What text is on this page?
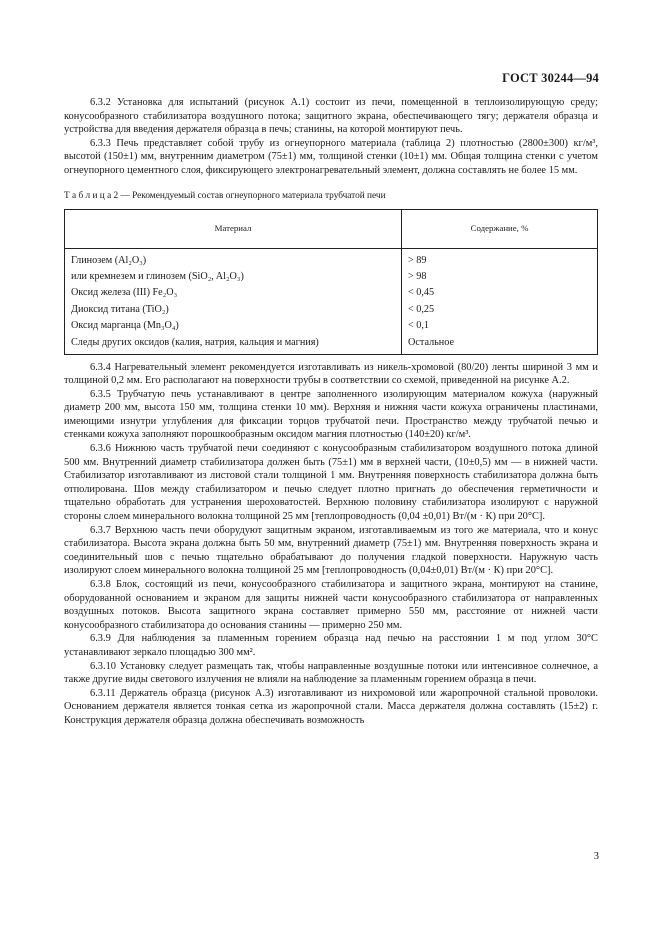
ГОСТ 30244—94

6.3.2 Установка для испытаний (рисунок А.1) состоит из печи, помещенной в теплоизолирующую среду; конусообразного стабилизатора воздушного потока; защитного экрана, обеспечивающего тягу; держателя образца и устройства для введения держателя образца в печь; станины, на которой монтируют печь.

6.3.3 Печь представляет собой трубу из огнеупорного материала (таблица 2) плотностью (2800±300) кг/м³, высотой (150±1) мм, внутренним диаметром (75±1) мм, толщиной стенки (10±1) мм. Общая толщина стенки с учетом огнеупорного цементного слоя, фиксирующего электронагревательный элемент, должна составлять не более 15 мм.

Т а б л и ц а 2 — Рекомендуемый состав огнеупорного материала трубчатой печи
Материал	Содержание, %
Глинозем (Al₂O₃)	> 89
или кремнезем и глинозем (SiO₂, Al₂O₃)	> 98
Оксид железа (III) Fe₂O₃	< 0,45
Диоксид титана (TiO₂)	< 0,25
Оксид марганца (Mn₃O₄)	< 0,1
Следы других оксидов (калия, натрия, кальция и магния)	Остальное

6.3.4 Нагревательный элемент рекомендуется изготавливать из никель-хромовой (80/20) ленты шириной 3 мм и толщиной 0,2 мм. Его располагают на поверхности трубы в соответствии со схемой, приведенной на рисунке А.2.

6.3.5 Трубчатую печь устанавливают в центре заполненного изолирующим материалом кожуха (наружный диаметр 200 мм, высота 150 мм, толщина стенки 10 мм). Верхняя и нижняя части кожуха ограничены пластинами, имеющими изнутри углубления для фиксации торцов трубчатой печи. Пространство между трубчатой печью и стенками кожуха заполняют порошкообразным оксидом магния плотностью (140±20) кг/м³.

6.3.6 Нижнюю часть трубчатой печи соединяют с конусообразным стабилизатором воздушного потока длиной 500 мм. Внутренний диаметр стабилизатора должен быть (75±1) мм в верхней части, (10±0,5) мм — в нижней части. Стабилизатор изготавливают из листовой стали толщиной 1 мм. Внутренняя поверхность стабилизатора должна быть отполирована. Шов между стабилизатором и печью следует плотно пригнать до обеспечения герметичности и тщательно обработать для устранения шероховатостей. Верхнюю половину стабилизатора изолируют с наружной стороны слоем минерального волокна толщиной 25 мм [теплопроводность (0,04 ±0,01) Вт/(м · К) при 20°С].

6.3.7 Верхнюю часть печи оборудуют защитным экраном, изготавливаемым из того же материала, что и конус стабилизатора. Высота экрана должна быть 50 мм, внутренний диаметр (75±1) мм. Внутренняя поверхность экрана и соединительный шов с печью тщательно обрабатывают до получения гладкой поверхности. Наружную часть изолируют слоем минерального волокна толщиной 25 мм [теплопроводность (0,04±0,01) Вт/(м · К) при 20°С].

6.3.8 Блок, состоящий из печи, конусообразного стабилизатора и защитного экрана, монтируют на станине, оборудованной основанием и экраном для защиты нижней части конусообразного стабилизатора от направленных воздушных потоков. Высота защитного экрана составляет примерно 550 мм, расстояние от нижней части конусообразного стабилизатора до основания станины — примерно 250 мм.

6.3.9 Для наблюдения за пламенным горением образца над печью на расстоянии 1 м под углом 30°С устанавливают зеркало площадью 300 мм².

6.3.10 Установку следует размещать так, чтобы направленные воздушные потоки или интенсивное солнечное, а также другие виды светового излучения не влияли на наблюдение за пламенным горением образца в печи.

6.3.11 Держатель образца (рисунок А.3) изготавливают из нихромовой или жаропрочной стальной проволоки. Основанием держателя является тонкая сетка из жаропрочной стали. Масса держателя должна составлять (15±2) г. Конструкция держателя образца должна обеспечивать возможность

3
